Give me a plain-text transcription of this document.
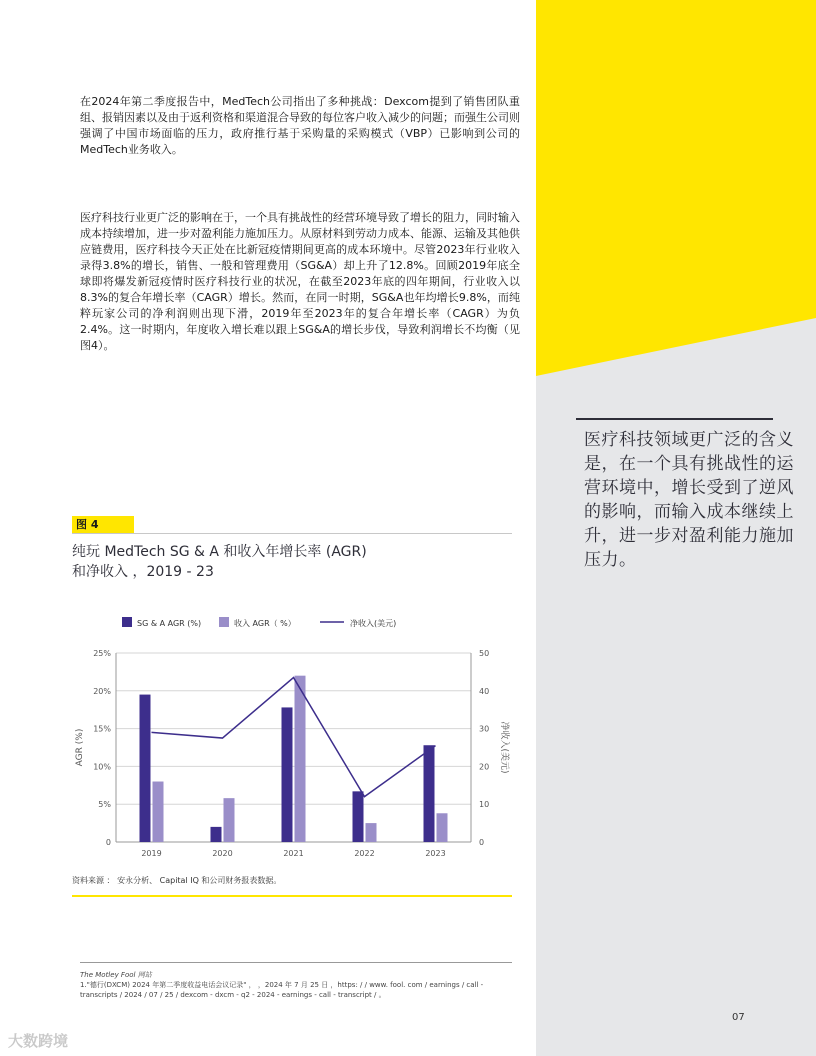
医疗科技领域更广泛的含义是，在一个具有挑战性的运营环境中，增长受到了逆风的影响，而输入成本继续上升，进一步对盈利能力施加压力。
在2024年第二季度报告中，MedTech公司指出了多种挑战：Dexcom提到了销售团队重组、报销因素以及由于返利资格和渠道混合导致的每位客户收入减少的问题；而强生公司则强调了中国市场面临的压力，政府推行基于采购量的采购模式（VBP）已影响到公司的MedTech业务收入。
医疗科技行业更广泛的影响在于，一个具有挑战性的经营环境导致了增长的阻力，同时输入成本持续增加，进一步对盈利能力施加压力。从原材料到劳动力成本、能源、运输及其他供应链费用，医疗科技今天正处在比新冠疫情期间更高的成本环境中。尽管2023年行业收入录得3.8%的增长，销售、一般和管理费用（SG&A）却上升了12.8%。回顾2019年底全球即将爆发新冠疫情时医疗科技行业的状况，在截至2023年底的四年期间，行业收入以8.3%的复合年增长率（CAGR）增长。然而，在同一时期，SG&A也年均增长9.8%，而纯粹玩家公司的净利润则出现下滑，2019年至2023年的复合年增长率（CAGR）为负2.4%。这一时期内，年度收入增长难以跟上SG&A的增长步伐，导致利润增长不均衡（见图4）。
图 4
纯玩 MedTech SG & A 和收入年增长率 (AGR)
和净收入 ，2019 - 23
SG & A AGR (%)	收入 AGR（ %）	净收入(美元)
0
5%
10%
15%
20%
25%
0
10
20
30
40
50
AGR (%)	净收入(美元)
2019	2020	2021	2022	2023
资料来源 ： 安永分析、 Capital IQ 和公司财务报表数据。
The Motley Fool 网站
1."德行(DXCM) 2024 年第二季度收益电话会议记录" ， ，2024 年 7 月 25 日 ，https: / / www. fool. com / earnings / call - transcripts / 2024 / 07 / 25 / dexcom - dxcm - q2 - 2024 - earnings - call - transcript / 。
07
大数跨境
